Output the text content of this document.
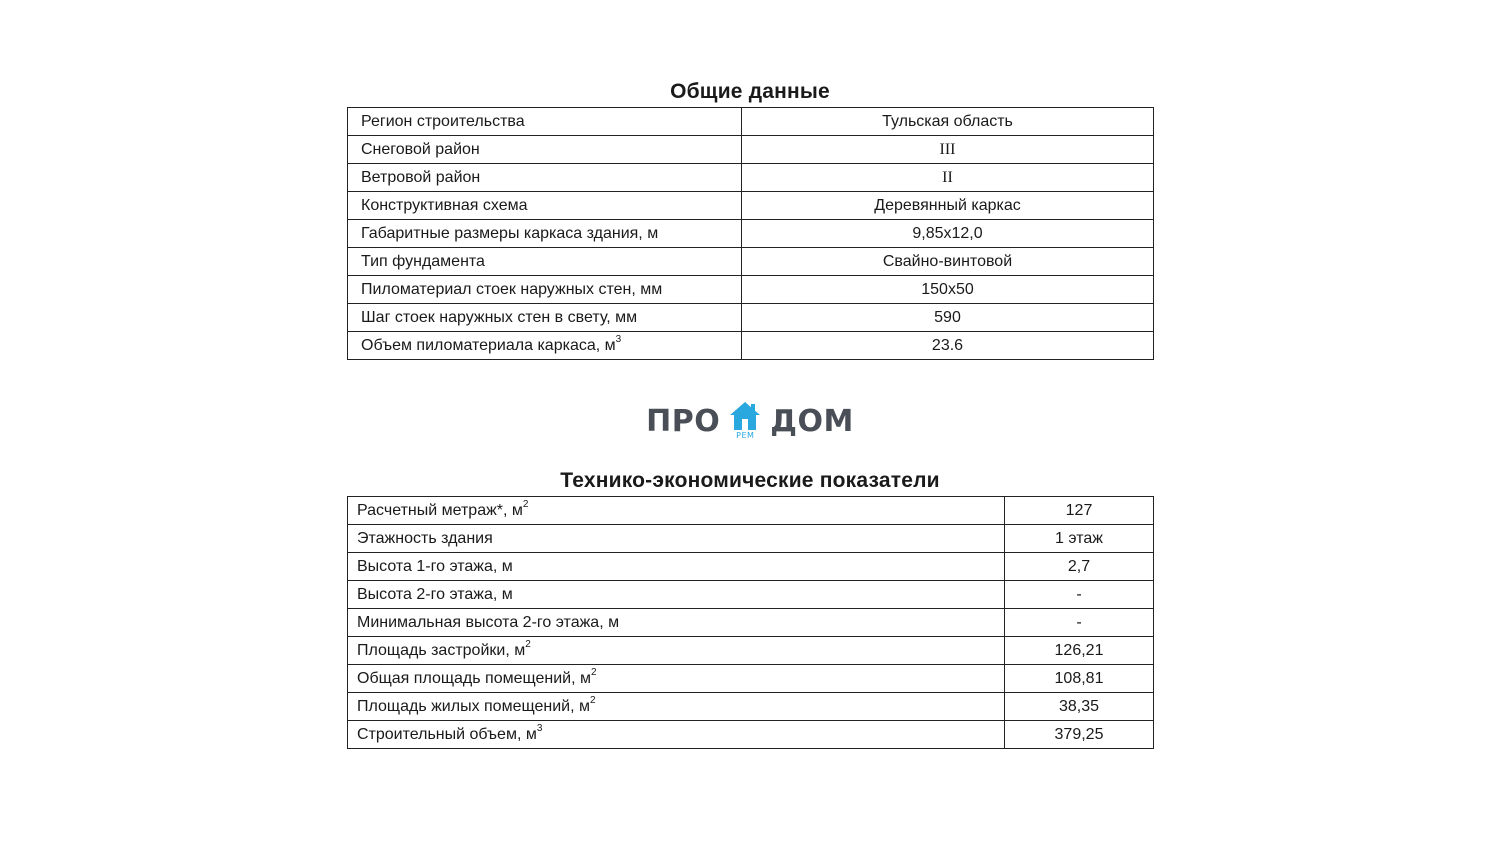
Общие данные
Регион строительства	Тульская область
Снеговой район	III
Ветровой район	II
Конструктивная схема	Деревянный каркас
Габаритные размеры каркаса здания, м	9,85х12,0
Тип фундамента	Свайно-винтовой
Пиломатериал стоек наружных стен, мм	150х50
Шаг стоек наружных стен в свету, мм	590
Объем пиломатериала каркаса, $м^3$	23.6
ПРО	РЕМ ДОМ
Технико-экономические показатели
Расчетный метраж*, $м^2$	127
Этажность здания	1 этаж
Высота 1-го этажа, м	2,7
Высота 2-го этажа, м	-
Минимальная высота 2-го этажа, м	-
Площадь застройки, $м^2$	126,21
Общая площадь помещений, $м^2$	108,81
Площадь жилых помещений, $м^2$	38,35
Строительный объем, $м^3$	379,25
